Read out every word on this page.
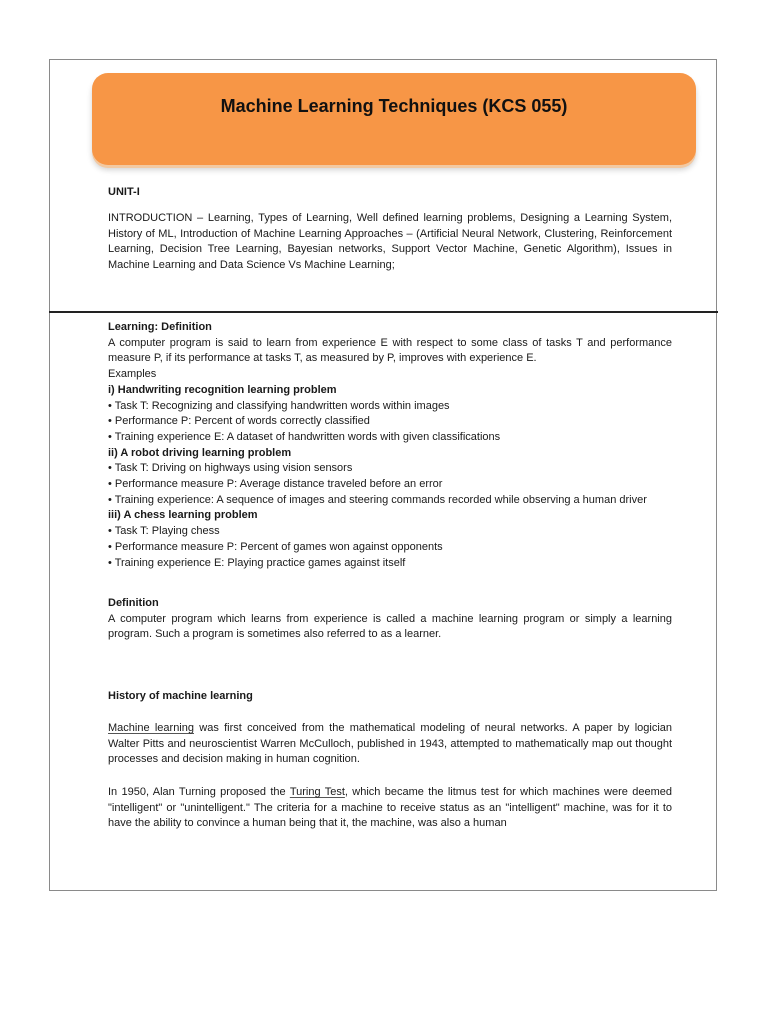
Machine Learning Techniques (KCS 055)
UNIT-I
INTRODUCTION – Learning, Types of Learning, Well defined learning problems, Designing a Learning System, History of ML, Introduction of Machine Learning Approaches – (Artificial Neural Network, Clustering, Reinforcement Learning, Decision Tree Learning, Bayesian networks, Support Vector Machine, Genetic Algorithm), Issues in Machine Learning and Data Science Vs Machine Learning;

Learning: Definition

A computer program is said to learn from experience E with respect to some class of tasks T and performance measure P, if its performance at tasks T, as measured by P, improves with experience E.

Examples

i) Handwriting recognition learning problem

• Task T: Recognizing and classifying handwritten words within images

• Performance P: Percent of words correctly classified

• Training experience E: A dataset of handwritten words with given classifications

ii) A robot driving learning problem

• Task T: Driving on highways using vision sensors

• Performance measure P: Average distance traveled before an error

• Training experience: A sequence of images and steering commands recorded while observing a human driver

iii) A chess learning problem

• Task T: Playing chess

• Performance measure P: Percent of games won against opponents

• Training experience E: Playing practice games against itself

Definition

A computer program which learns from experience is called a machine learning program or simply a learning program. Such a program is sometimes also referred to as a learner.

History of machine learning
Machine learning was first conceived from the mathematical modeling of neural networks. A paper by logician Walter Pitts and neuroscientist Warren McCulloch, published in 1943, attempted to mathematically map out thought processes and decision making in human cognition.
In 1950, Alan Turning proposed the Turing Test, which became the litmus test for which machines were deemed "intelligent" or "unintelligent." The criteria for a machine to receive status as an "intelligent" machine, was for it to have the ability to convince a human being that it, the machine, was also a human
